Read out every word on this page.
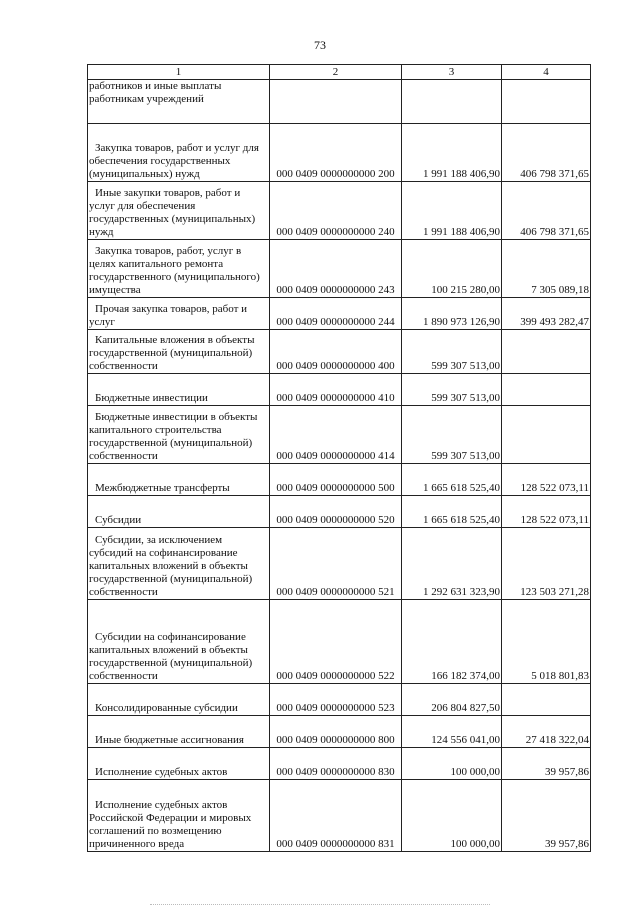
73
1	2	3	4
работников и иные выплаты работникам учреждений			
Закупка товаров, работ и услуг для обеспечения государственных (муниципальных) нужд	000 0409 0000000000 200	1 991 188 406,90	406 798 371,65
Иные закупки товаров, работ и услуг для обеспечения государственных (муниципальных) нужд	000 0409 0000000000 240	1 991 188 406,90	406 798 371,65
Закупка товаров, работ, услуг в целях капитального ремонта государственного (муниципального) имущества	000 0409 0000000000 243	100 215 280,00	7 305 089,18
Прочая закупка товаров, работ и услуг	000 0409 0000000000 244	1 890 973 126,90	399 493 282,47
Капитальные вложения в объекты государственной (муниципальной) собственности	000 0409 0000000000 400	599 307 513,00	
Бюджетные инвестиции	000 0409 0000000000 410	599 307 513,00	
Бюджетные инвестиции в объекты капитального строительства государственной (муниципальной) собственности	000 0409 0000000000 414	599 307 513,00	
Межбюджетные трансферты	000 0409 0000000000 500	1 665 618 525,40	128 522 073,11
Субсидии	000 0409 0000000000 520	1 665 618 525,40	128 522 073,11
Субсидии, за исключением субсидий на софинансирование капитальных вложений в объекты государственной (муниципальной) собственности	000 0409 0000000000 521	1 292 631 323,90	123 503 271,28
Субсидии на софинансирование капитальных вложений в объекты государственной (муниципальной) собственности	000 0409 0000000000 522	166 182 374,00	5 018 801,83
Консолидированные субсидии	000 0409 0000000000 523	206 804 827,50	
Иные бюджетные ассигнования	000 0409 0000000000 800	124 556 041,00	27 418 322,04
Исполнение судебных актов	000 0409 0000000000 830	100 000,00	39 957,86
Исполнение судебных актов Российской Федерации и мировых соглашений по возмещению причиненного вреда	000 0409 0000000000 831	100 000,00	39 957,86
